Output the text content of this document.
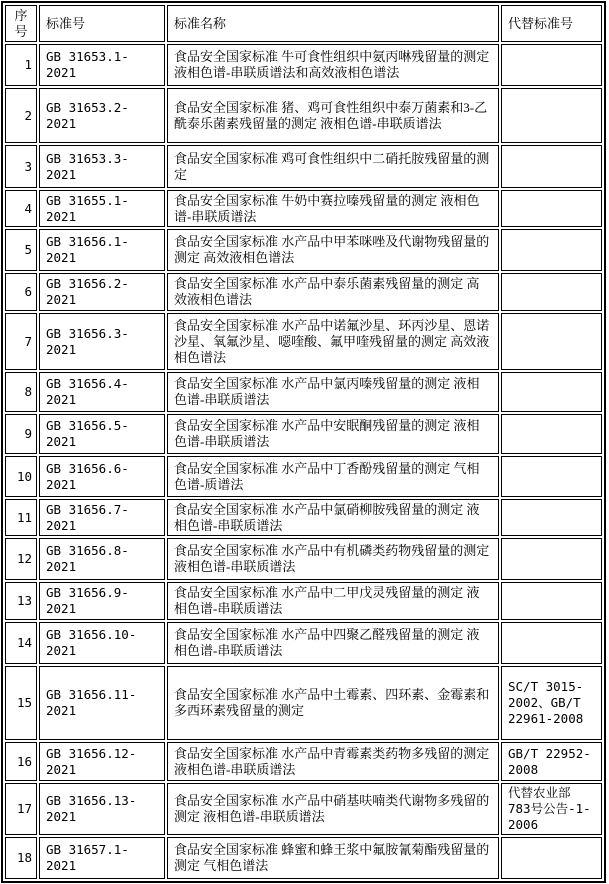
序号	标准号	标准名称	代替标准号
1	GB 31653.1-2021	食品安全国家标准 牛可食性组织中氨丙啉残留量的测定 液相色谱-串联质谱法和高效液相色谱法	
2	GB 31653.2-2021	食品安全国家标准 猪、鸡可食性组织中泰万菌素和3-乙酰泰乐菌素残留量的测定 液相色谱-串联质谱法	
3	GB 31653.3-2021	食品安全国家标准 鸡可食性组织中二硝托胺残留量的测定	
4	GB 31655.1-2021	食品安全国家标准 牛奶中赛拉嗪残留量的测定 液相色谱-串联质谱法	
5	GB 31656.1-2021	食品安全国家标准 水产品中甲苯咪唑及代谢物残留量的测定 高效液相色谱法	
6	GB 31656.2-2021	食品安全国家标准 水产品中泰乐菌素残留量的测定 高效液相色谱法	
7	GB 31656.3-2021	食品安全国家标准 水产品中诺氟沙星、环丙沙星、恩诺沙星、氧氟沙星、噁喹酸、氟甲喹残留量的测定 高效液相色谱法	
8	GB 31656.4-2021	食品安全国家标准 水产品中氯丙嗪残留量的测定 液相色谱-串联质谱法	
9	GB 31656.5-2021	食品安全国家标准 水产品中安眠酮残留量的测定 液相色谱-串联质谱法	
10	GB 31656.6-2021	食品安全国家标准 水产品中丁香酚残留量的测定 气相色谱-质谱法	
11	GB 31656.7-2021	食品安全国家标准 水产品中氯硝柳胺残留量的测定 液相色谱-串联质谱法	
12	GB 31656.8-2021	食品安全国家标准 水产品中有机磷类药物残留量的测定 液相色谱-串联质谱法	
13	GB 31656.9-2021	食品安全国家标准 水产品中二甲戊灵残留量的测定 液相色谱-串联质谱法	
14	GB 31656.10-2021	食品安全国家标准 水产品中四聚乙醛残留量的测定 液相色谱-串联质谱法	
15	GB 31656.11-2021	食品安全国家标准 水产品中土霉素、四环素、金霉素和多西环素残留量的测定	SC/T 3015-2002、GB/T 22961-2008
16	GB 31656.12-2021	食品安全国家标准 水产品中青霉素类药物多残留的测定 液相色谱-串联质谱法	GB/T 22952-2008
17	GB 31656.13-2021	食品安全国家标准 水产品中硝基呋喃类代谢物多残留的测定 液相色谱-串联质谱法	代替农业部 783号公告-1-2006
18	GB 31657.1-2021	食品安全国家标准 蜂蜜和蜂王浆中氟胺氰菊酯残留量的测定 气相色谱法	
